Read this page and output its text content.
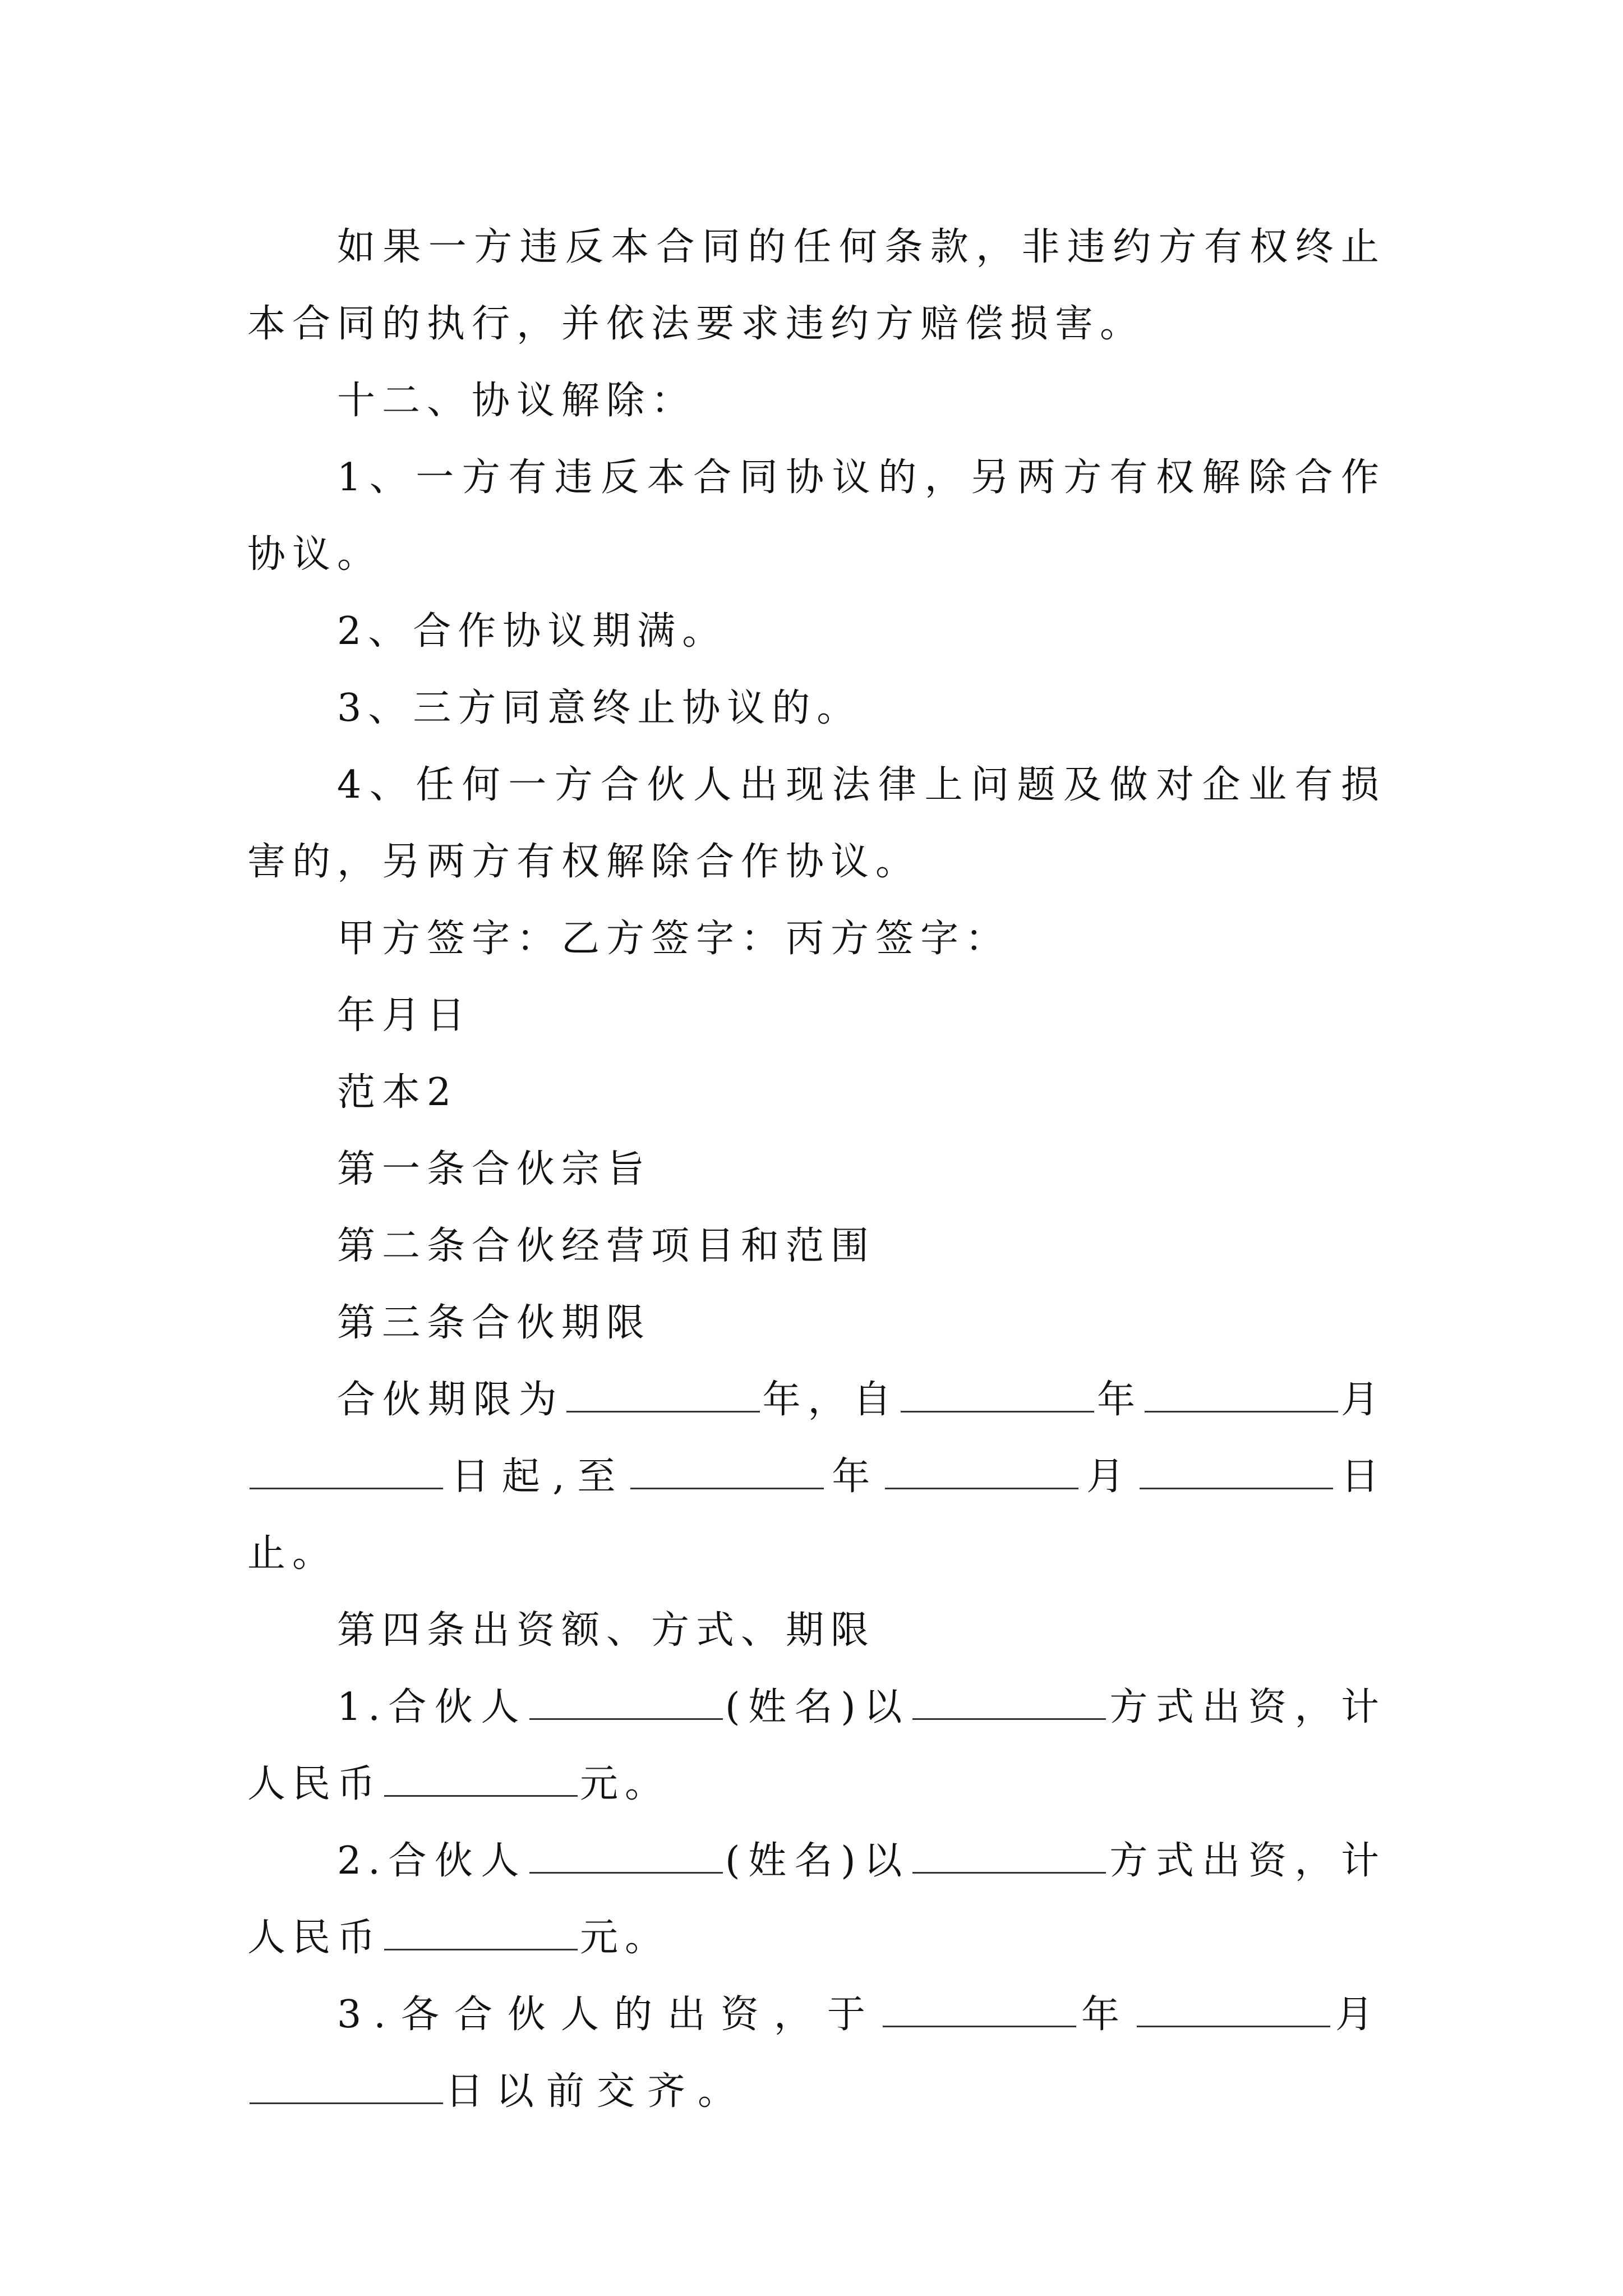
如果一方违反本合同的任何条款，非违约方有权终止本合同的执行，并依法要求违约方赔偿损害。

十二、协议解除：

1、一方有违反本合同协议的，另两方有权解除合作协议。

2、合作协议期满。

3、三方同意终止协议的。

4、任何一方合伙人出现法律上问题及做对企业有损害的，另两方有权解除合作协议。

甲方签字：乙方签字：丙方签字：

年月日

范本2

第一条合伙宗旨

第二条合伙经营项目和范围

第三条合伙期限

合伙期限为	年，自	年	月日起,至	年	月	日止。

第四条出资额、方式、期限

1.合伙人	(姓名)以	方式出资，计人民币	元。

2.合伙人	(姓名)以	方式出资，计人民币	元。

3.各合伙人的出资，于	年	月日以前交齐。
